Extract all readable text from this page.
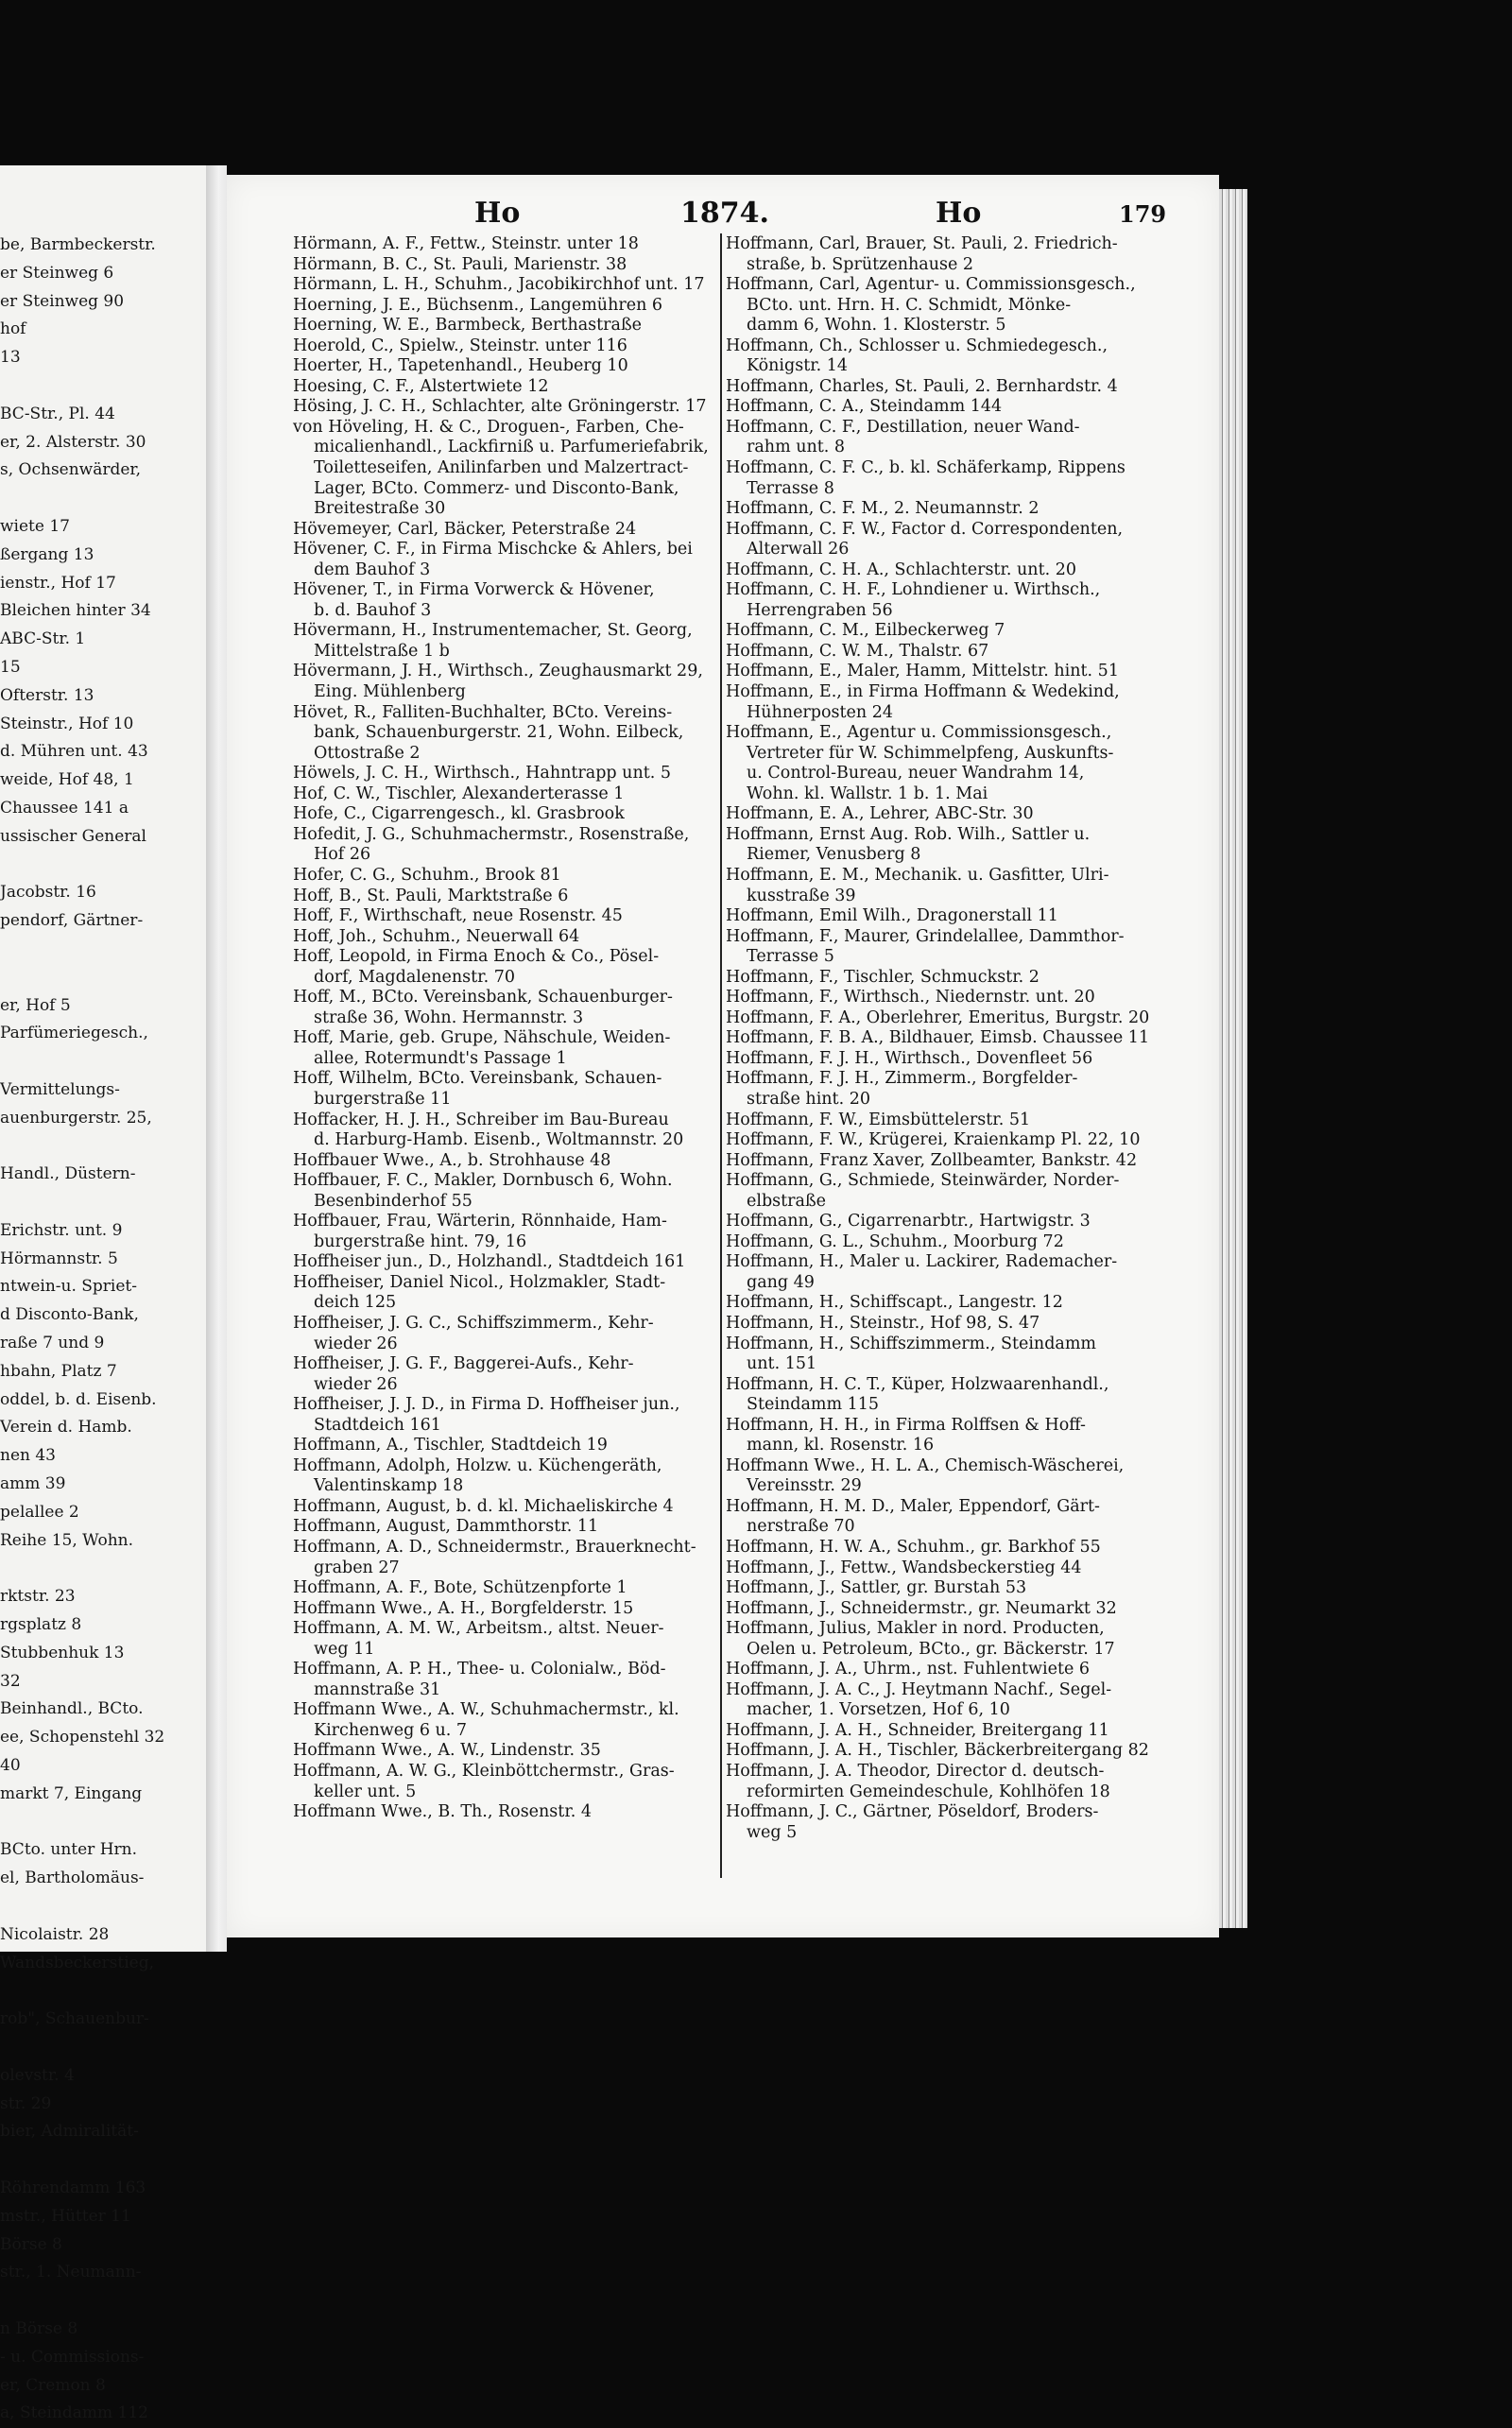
be, Barmbeckerstr.
er Steinweg 6
er Steinweg 90
hof
13
BC-Str., Pl. 44
er, 2. Alsterstr. 30
s, Ochsenwärder,
wiete 17
ßergang 13
ienstr., Hof 17
Bleichen hinter 34
ABC-Str. 1
15
Ofterstr. 13
Steinstr., Hof 10
d. Mühren unt. 43
weide, Hof 48, 1
Chaussee 141 a
ussischer General
Jacobstr. 16
pendorf, Gärtner-
er, Hof 5
Parfümeriegesch.,
Vermittelungs-
auenburgerstr. 25,
Handl., Düstern-
Erichstr. unt. 9
Hörmannstr. 5
ntwein-u. Spriet-
d Disconto-Bank,
raße 7 und 9
hbahn, Platz 7
oddel, b. d. Eisenb.
Verein d. Hamb.
nen 43
amm 39
pelallee 2
Reihe 15, Wohn.
rktstr. 23
rgsplatz 8
Stubbenhuk 13
32
Beinhandl., BCto.
ee, Schopenstehl 32
40
markt 7, Eingang
BCto. unter Hrn.
el, Bartholomäus-
Nicolaistr. 28
Wandsbeckerstieg,
rob", Schauenbur-
olevstr. 4
str. 29
bier, Admiralität-
Röhrendamm 163
mstr., Hütter 11
Börse 8
str., 1. Neumann-
n Börse 8
- u. Commissions-
er, Cremon 8
a, Steindamm 112
Ho	1874.	Ho	179
Hörmann, A. F., Fettw., Steinstr. unter 18
Hörmann, B. C., St. Pauli, Marienstr. 38
Hörmann, L. H., Schuhm., Jacobikirchhof unt. 17
Hoerning, J. E., Büchsenm., Langemühren 6
Hoerning, W. E., Barmbeck, Berthastraße
Hoerold, C., Spielw., Steinstr. unter 116
Hoerter, H., Tapetenhandl., Heuberg 10
Hoesing, C. F., Alstertwiete 12
Hösing, J. C. H., Schlachter, alte Gröningerstr. 17
von Höveling, H. & C., Droguen-, Farben, Che-
micalienhandl., Lackfirniß u. Parfumeriefabrik,
Toiletteseifen, Anilinfarben und Malzertract-
Lager, BCto. Commerz- und Disconto-Bank,
Breitestraße 30
Hövemeyer, Carl, Bäcker, Peterstraße 24
Hövener, C. F., in Firma Mischcke & Ahlers, bei
dem Bauhof 3
Hövener, T., in Firma Vorwerck & Hövener,
b. d. Bauhof 3
Hövermann, H., Instrumentemacher, St. Georg,
Mittelstraße 1 b
Hövermann, J. H., Wirthsch., Zeughausmarkt 29,
Eing. Mühlenberg
Hövet, R., Falliten-Buchhalter, BCto. Vereins-
bank, Schauenburgerstr. 21, Wohn. Eilbeck,
Ottostraße 2
Höwels, J. C. H., Wirthsch., Hahntrapp unt. 5
Hof, C. W., Tischler, Alexanderterasse 1
Hofe, C., Cigarrengesch., kl. Grasbrook
Hofedit, J. G., Schuhmachermstr., Rosenstraße,
Hof 26
Hofer, C. G., Schuhm., Brook 81
Hoff, B., St. Pauli, Marktstraße 6
Hoff, F., Wirthschaft, neue Rosenstr. 45
Hoff, Joh., Schuhm., Neuerwall 64
Hoff, Leopold, in Firma Enoch & Co., Pösel-
dorf, Magdalenenstr. 70
Hoff, M., BCto. Vereinsbank, Schauenburger-
straße 36, Wohn. Hermannstr. 3
Hoff, Marie, geb. Grupe, Nähschule, Weiden-
allee, Rotermundt's Passage 1
Hoff, Wilhelm, BCto. Vereinsbank, Schauen-
burgerstraße 11
Hoffacker, H. J. H., Schreiber im Bau-Bureau
d. Harburg-Hamb. Eisenb., Woltmannstr. 20
Hoffbauer Wwe., A., b. Strohhause 48
Hoffbauer, F. C., Makler, Dornbusch 6, Wohn.
Besenbinderhof 55
Hoffbauer, Frau, Wärterin, Rönnhaide, Ham-
burgerstraße hint. 79, 16
Hoffheiser jun., D., Holzhandl., Stadtdeich 161
Hoffheiser, Daniel Nicol., Holzmakler, Stadt-
deich 125
Hoffheiser, J. G. C., Schiffszimmerm., Kehr-
wieder 26
Hoffheiser, J. G. F., Baggerei-Aufs., Kehr-
wieder 26
Hoffheiser, J. J. D., in Firma D. Hoffheiser jun.,
Stadtdeich 161
Hoffmann, A., Tischler, Stadtdeich 19
Hoffmann, Adolph, Holzw. u. Küchengeräth,
Valentinskamp 18
Hoffmann, August, b. d. kl. Michaeliskirche 4
Hoffmann, August, Dammthorstr. 11
Hoffmann, A. D., Schneidermstr., Brauerknecht-
graben 27
Hoffmann, A. F., Bote, Schützenpforte 1
Hoffmann Wwe., A. H., Borgfelderstr. 15
Hoffmann, A. M. W., Arbeitsm., altst. Neuer-
weg 11
Hoffmann, A. P. H., Thee- u. Colonialw., Böd-
mannstraße 31
Hoffmann Wwe., A. W., Schuhmachermstr., kl.
Kirchenweg 6 u. 7
Hoffmann Wwe., A. W., Lindenstr. 35
Hoffmann, A. W. G., Kleinböttchermstr., Gras-
keller unt. 5
Hoffmann Wwe., B. Th., Rosenstr. 4
Hoffmann, Carl, Brauer, St. Pauli, 2. Friedrich-
straße, b. Sprützenhause 2
Hoffmann, Carl, Agentur- u. Commissionsgesch.,
BCto. unt. Hrn. H. C. Schmidt, Mönke-
damm 6, Wohn. 1. Klosterstr. 5
Hoffmann, Ch., Schlosser u. Schmiedegesch.,
Königstr. 14
Hoffmann, Charles, St. Pauli, 2. Bernhardstr. 4
Hoffmann, C. A., Steindamm 144
Hoffmann, C. F., Destillation, neuer Wand-
rahm unt. 8
Hoffmann, C. F. C., b. kl. Schäferkamp, Rippens
Terrasse 8
Hoffmann, C. F. M., 2. Neumannstr. 2
Hoffmann, C. F. W., Factor d. Correspondenten,
Alterwall 26
Hoffmann, C. H. A., Schlachterstr. unt. 20
Hoffmann, C. H. F., Lohndiener u. Wirthsch.,
Herrengraben 56
Hoffmann, C. M., Eilbeckerweg 7
Hoffmann, C. W. M., Thalstr. 67
Hoffmann, E., Maler, Hamm, Mittelstr. hint. 51
Hoffmann, E., in Firma Hoffmann & Wedekind,
Hühnerposten 24
Hoffmann, E., Agentur u. Commissionsgesch.,
Vertreter für W. Schimmelpfeng, Auskunfts-
u. Control-Bureau, neuer Wandrahm 14,
Wohn. kl. Wallstr. 1 b. 1. Mai
Hoffmann, E. A., Lehrer, ABC-Str. 30
Hoffmann, Ernst Aug. Rob. Wilh., Sattler u.
Riemer, Venusberg 8
Hoffmann, E. M., Mechanik. u. Gasfitter, Ulri-
kusstraße 39
Hoffmann, Emil Wilh., Dragonerstall 11
Hoffmann, F., Maurer, Grindelallee, Dammthor-
Terrasse 5
Hoffmann, F., Tischler, Schmuckstr. 2
Hoffmann, F., Wirthsch., Niedernstr. unt. 20
Hoffmann, F. A., Oberlehrer, Emeritus, Burgstr. 20
Hoffmann, F. B. A., Bildhauer, Eimsb. Chaussee 11
Hoffmann, F. J. H., Wirthsch., Dovenfleet 56
Hoffmann, F. J. H., Zimmerm., Borgfelder-
straße hint. 20
Hoffmann, F. W., Eimsbüttelerstr. 51
Hoffmann, F. W., Krügerei, Kraienkamp Pl. 22, 10
Hoffmann, Franz Xaver, Zollbeamter, Bankstr. 42
Hoffmann, G., Schmiede, Steinwärder, Norder-
elbstraße
Hoffmann, G., Cigarrenarbtr., Hartwigstr. 3
Hoffmann, G. L., Schuhm., Moorburg 72
Hoffmann, H., Maler u. Lackirer, Rademacher-
gang 49
Hoffmann, H., Schiffscapt., Langestr. 12
Hoffmann, H., Steinstr., Hof 98, S. 47
Hoffmann, H., Schiffszimmerm., Steindamm
unt. 151
Hoffmann, H. C. T., Küper, Holzwaarenhandl.,
Steindamm 115
Hoffmann, H. H., in Firma Rolffsen & Hoff-
mann, kl. Rosenstr. 16
Hoffmann Wwe., H. L. A., Chemisch-Wäscherei,
Vereinsstr. 29
Hoffmann, H. M. D., Maler, Eppendorf, Gärt-
nerstraße 70
Hoffmann, H. W. A., Schuhm., gr. Barkhof 55
Hoffmann, J., Fettw., Wandsbeckerstieg 44
Hoffmann, J., Sattler, gr. Burstah 53
Hoffmann, J., Schneidermstr., gr. Neumarkt 32
Hoffmann, Julius, Makler in nord. Producten,
Oelen u. Petroleum, BCto., gr. Bäckerstr. 17
Hoffmann, J. A., Uhrm., nst. Fuhlentwiete 6
Hoffmann, J. A. C., J. Heytmann Nachf., Segel-
macher, 1. Vorsetzen, Hof 6, 10
Hoffmann, J. A. H., Schneider, Breitergang 11
Hoffmann, J. A. H., Tischler, Bäckerbreitergang 82
Hoffmann, J. A. Theodor, Director d. deutsch-
reformirten Gemeindeschule, Kohlhöfen 18
Hoffmann, J. C., Gärtner, Pöseldorf, Broders-
weg 5
